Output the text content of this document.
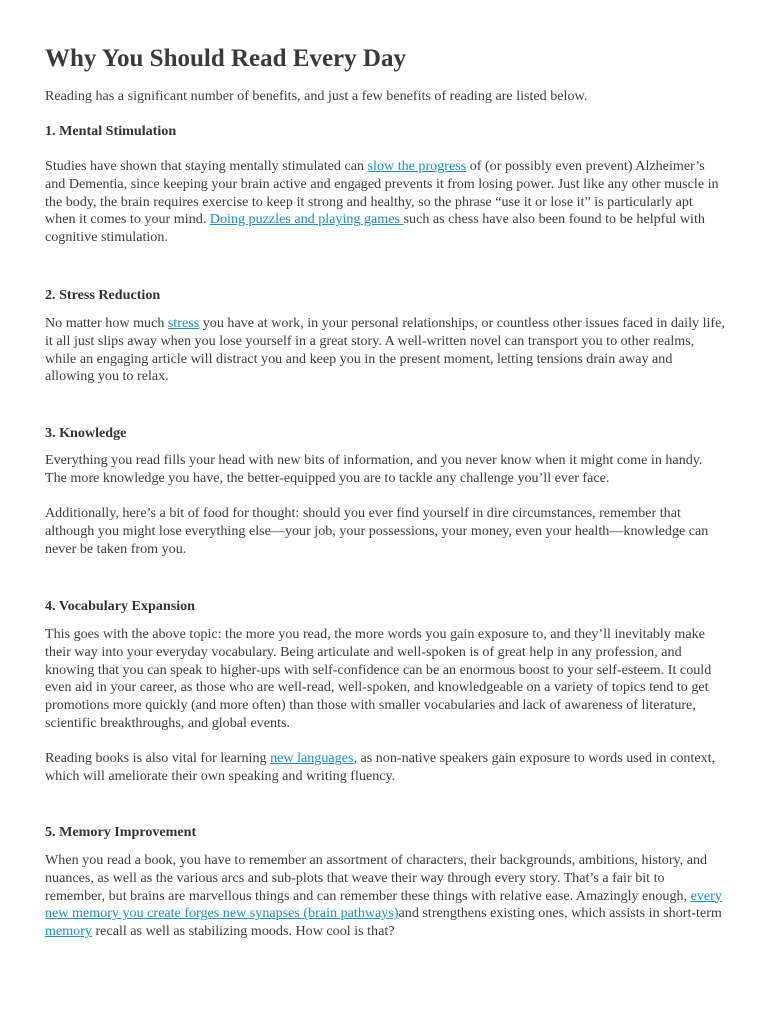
Why You Should Read Every Day

Reading has a significant number of benefits, and just a few benefits of reading are listed below.

1. Mental Stimulation

Studies have shown that staying mentally stimulated can slow the progress of (or possibly even prevent) Alzheimer’s and Dementia, since keeping your brain active and engaged prevents it from losing power. Just like any other muscle in the body, the brain requires exercise to keep it strong and healthy, so the phrase “use it or lose it” is particularly apt when it comes to your mind. Doing puzzles and playing games such as chess have also been found to be helpful with cognitive stimulation.

2. Stress Reduction

No matter how much stress you have at work, in your personal relationships, or countless other issues faced in daily life, it all just slips away when you lose yourself in a great story. A well-written novel can transport you to other realms, while an engaging article will distract you and keep you in the present moment, letting tensions drain away and allowing you to relax.

3. Knowledge

Everything you read fills your head with new bits of information, and you never know when it might come in handy. The more knowledge you have, the better-equipped you are to tackle any challenge you’ll ever face.

Additionally, here’s a bit of food for thought: should you ever find yourself in dire circumstances, remember that although you might lose everything else—your job, your possessions, your money, even your health—knowledge can never be taken from you.

4. Vocabulary Expansion

This goes with the above topic: the more you read, the more words you gain exposure to, and they’ll inevitably make their way into your everyday vocabulary. Being articulate and well-spoken is of great help in any profession, and knowing that you can speak to higher-ups with self-confidence can be an enormous boost to your self-esteem. It could even aid in your career, as those who are well-read, well-spoken, and knowledgeable on a variety of topics tend to get promotions more quickly (and more often) than those with smaller vocabularies and lack of awareness of literature, scientific breakthroughs, and global events.

Reading books is also vital for learning new languages, as non-native speakers gain exposure to words used in context, which will ameliorate their own speaking and writing fluency.

5. Memory Improvement

When you read a book, you have to remember an assortment of characters, their backgrounds, ambitions, history, and nuances, as well as the various arcs and sub-plots that weave their way through every story. That’s a fair bit to remember, but brains are marvellous things and can remember these things with relative ease. Amazingly enough, every new memory you create forges new synapses (brain pathways)and strengthens existing ones, which assists in short-term memory recall as well as stabilizing moods. How cool is that?
